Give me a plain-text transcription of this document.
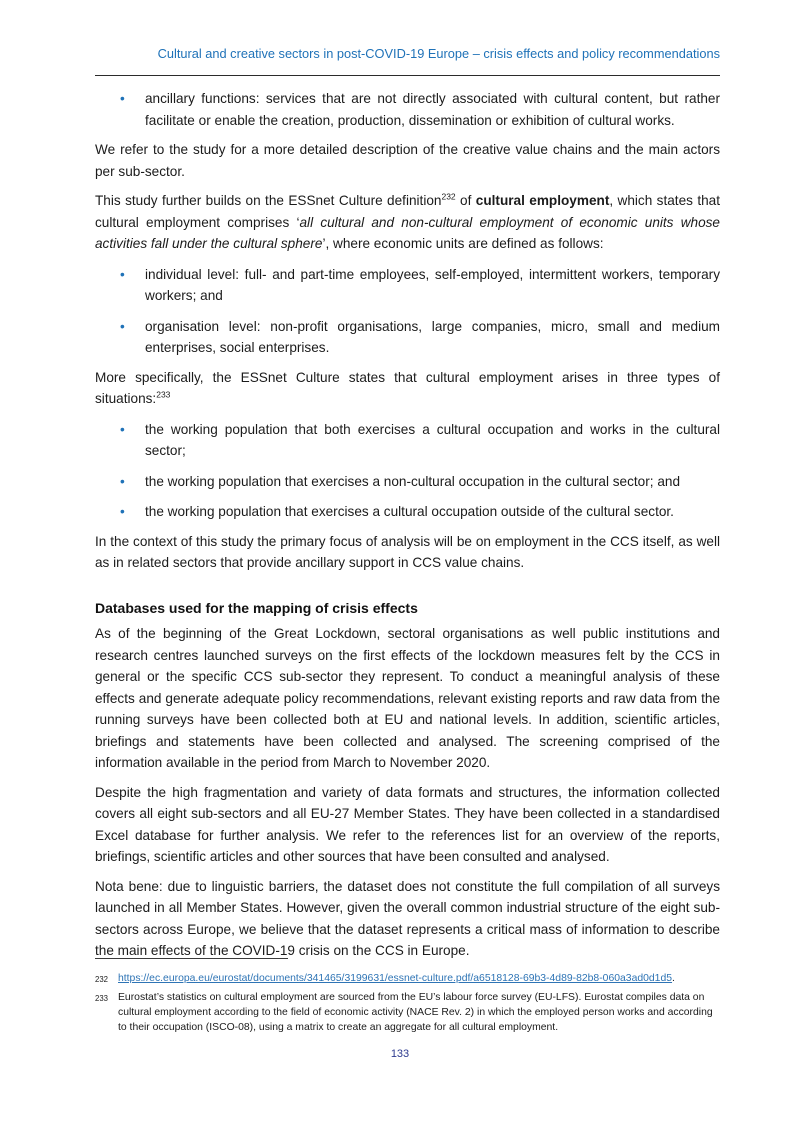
Cultural and creative sectors in post-COVID-19 Europe – crisis effects and policy recommendations
• ancillary functions: services that are not directly associated with cultural content, but rather facilitate or enable the creation, production, dissemination or exhibition of cultural works.

We refer to the study for a more detailed description of the creative value chains and the main actors per sub-sector.

This study further builds on the ESSnet Culture definition$^{232}$ of cultural employment, which states that cultural employment comprises ‘all cultural and non-cultural employment of economic units whose activities fall under the cultural sphere’, where economic units are defined as follows:

• individual level: full- and part-time employees, self-employed, intermittent workers, temporary workers; and
• organisation level: non-profit organisations, large companies, micro, small and medium enterprises, social enterprises.

More specifically, the ESSnet Culture states that cultural employment arises in three types of situations:$^{233}$

• the working population that both exercises a cultural occupation and works in the cultural sector;
• the working population that exercises a non-cultural occupation in the cultural sector; and
• the working population that exercises a cultural occupation outside of the cultural sector.

In the context of this study the primary focus of analysis will be on employment in the CCS itself, as well as in related sectors that provide ancillary support in CCS value chains.

Databases used for the mapping of crisis effects

As of the beginning of the Great Lockdown, sectoral organisations as well public institutions and research centres launched surveys on the first effects of the lockdown measures felt by the CCS in general or the specific CCS sub-sector they represent. To conduct a meaningful analysis of these effects and generate adequate policy recommendations, relevant existing reports and raw data from the running surveys have been collected both at EU and national levels. In addition, scientific articles, briefings and statements have been collected and analysed. The screening comprised of the information available in the period from March to November 2020.

Despite the high fragmentation and variety of data formats and structures, the information collected covers all eight sub-sectors and all EU-27 Member States. They have been collected in a standardised Excel database for further analysis. We refer to the references list for an overview of the reports, briefings, scientific articles and other sources that have been consulted and analysed.

Nota bene: due to linguistic barriers, the dataset does not constitute the full compilation of all surveys launched in all Member States. However, given the overall common industrial structure of the eight sub-sectors across Europe, we believe that the dataset represents a critical mass of information to describe the main effects of the COVID-19 crisis on the CCS in Europe.

232 https://ec.europa.eu/eurostat/documents/341465/3199631/essnet-culture.pdf/a6518128-69b3-4d89-82b8-060a3ad0d1d5.
233 Eurostat’s statistics on cultural employment are sourced from the EU’s labour force survey (EU-LFS). Eurostat compiles data on cultural employment according to the field of economic activity (NACE Rev. 2) in which the employed person works and according to their occupation (ISCO-08), using a matrix to create an aggregate for all cultural employment.
133
